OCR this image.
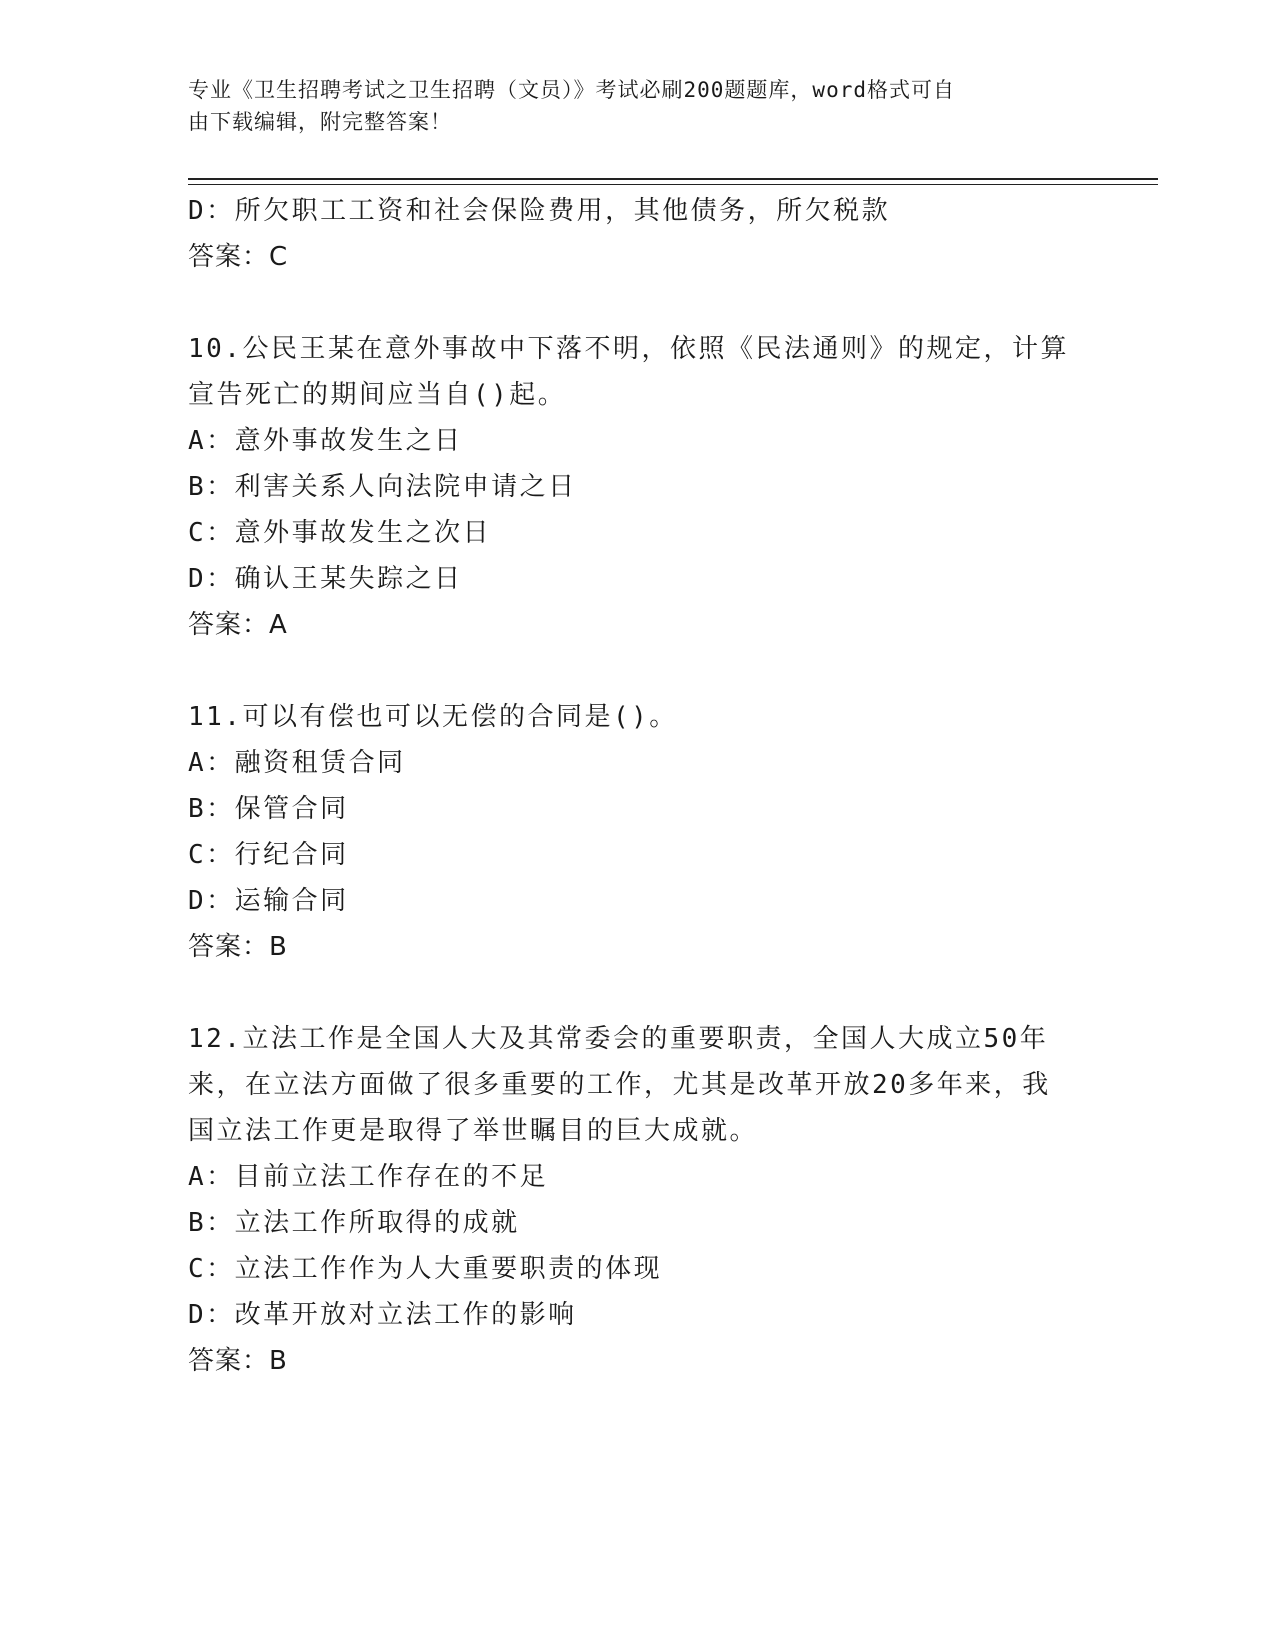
专业《卫生招聘考试之卫生招聘（文员）》考试必刷200题题库，word格式可自
由下载编辑，附完整答案！
D：所欠职工工资和社会保险费用，其他债务，所欠税款
答案：C
10.公民王某在意外事故中下落不明，依照《民法通则》的规定，计算
宣告死亡的期间应当自()起。
A：意外事故发生之日
B：利害关系人向法院申请之日
C：意外事故发生之次日
D：确认王某失踪之日
答案：A
11.可以有偿也可以无偿的合同是()。
A：融资租赁合同
B：保管合同
C：行纪合同
D：运输合同
答案：B
12.立法工作是全国人大及其常委会的重要职责，全国人大成立50年
来，在立法方面做了很多重要的工作，尤其是改革开放20多年来，我
国立法工作更是取得了举世瞩目的巨大成就。
A：目前立法工作存在的不足
B：立法工作所取得的成就
C：立法工作作为人大重要职责的体现
D：改革开放对立法工作的影响
答案：B
